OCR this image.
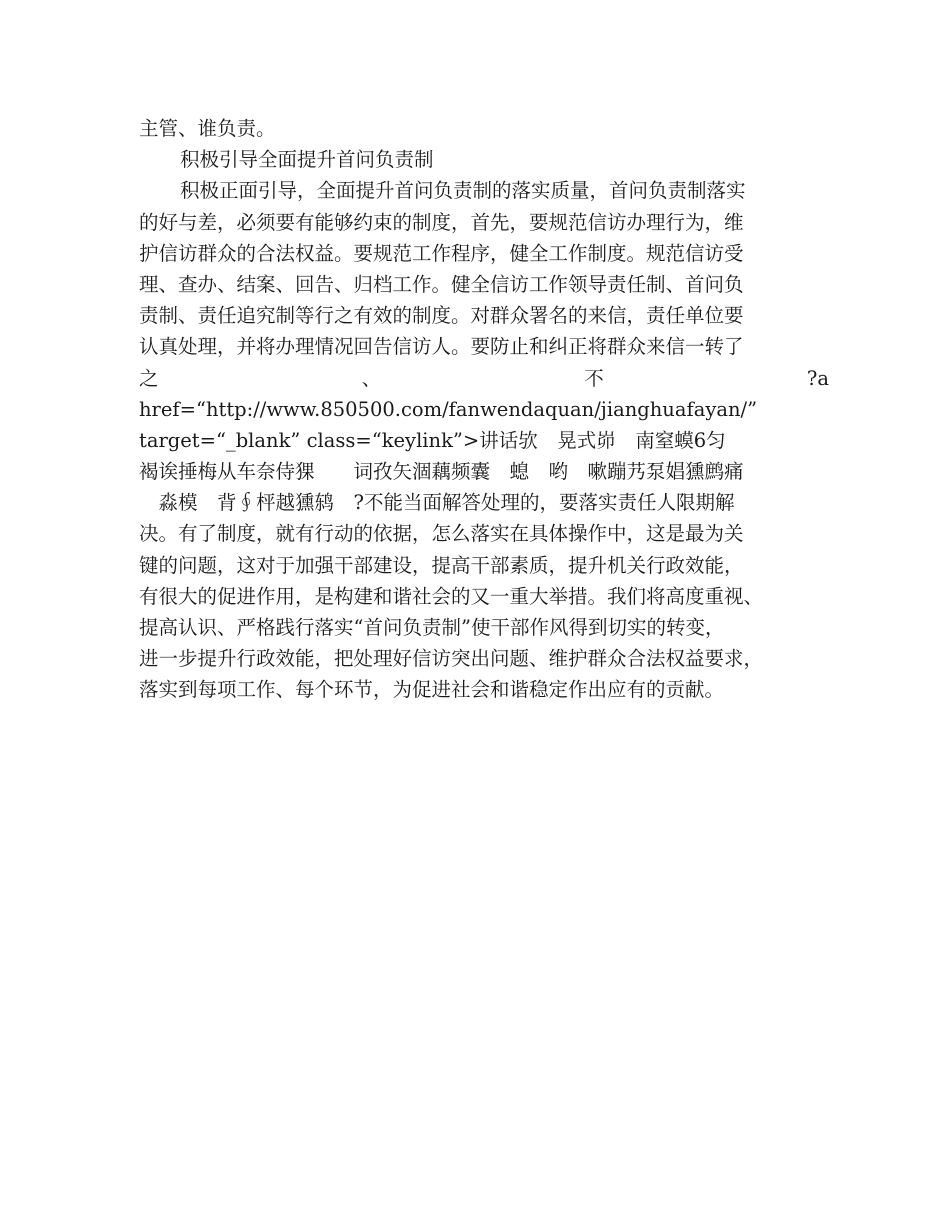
主管、谁负责。
积极引导全面提升首问负责制
积极正面引导，全面提升首问负责制的落实质量，首问负责制落实
的好与差，必须要有能够约束的制度，首先，要规范信访办理行为，维
护信访群众的合法权益。要规范工作程序，健全工作制度。规范信访受
理、查办、结案、回告、归档工作。健全信访工作领导责任制、首问负
责制、责任追究制等行之有效的制度。对群众署名的来信，责任单位要
认真处理，并将办理情况回告信访人。要防止和纠正将群众来信一转了
之	、	不	?a
href=“http://www.850500.com/fanwendaquan/jianghuafayan/”
target=“_blank” class=“keylink”>讲话欤　晃式峁　南窒蟆6匀
褐诶捶梅从车奈侍猓　　词孜矢涸藕频囊　螅　哟　嗽蹦艿泵娼獯鹧痛
　淼模　背∮枰越獯鸫　?不能当面解答处理的，要落实责任人限期解
决。有了制度，就有行动的依据，怎么落实在具体操作中，这是最为关
键的问题，这对于加强干部建设，提高干部素质，提升机关行政效能，
有很大的促进作用，是构建和谐社会的又一重大举措。我们将高度重视、
提高认识、严格践行落实“首问负责制”使干部作风得到切实的转变，
进一步提升行政效能，把处理好信访突出问题、维护群众合法权益要求，
落实到每项工作、每个环节，为促进社会和谐稳定作出应有的贡献。
